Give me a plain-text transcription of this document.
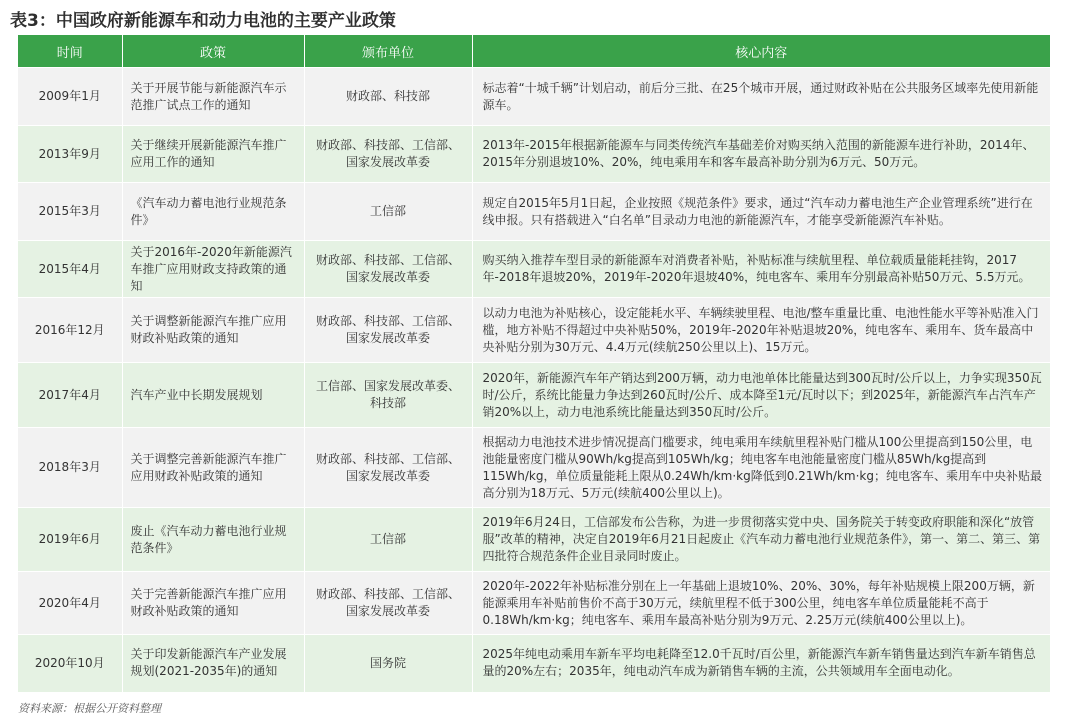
表3：中国政府新能源车和动力电池的主要产业政策
时间	政策	颁布单位	核心内容
2009年1月	关于开展节能与新能源汽车示范推广试点工作的通知	财政部、科技部	标志着“十城千辆”计划启动，前后分三批、在25个城市开展，通过财政补贴在公共服务区域率先使用新能源车。
2013年9月	关于继续开展新能源汽车推广应用工作的通知	财政部、科技部、工信部、国家发展改革委	2013年-2015年根据新能源车与同类传统汽车基础差价对购买纳入范围的新能源车进行补助，2014年、2015年分别退坡10%、20%，纯电乘用车和客车最高补助分别为6万元、50万元。
2015年3月	《汽车动力蓄电池行业规范条件》	工信部	规定自2015年5月1日起，企业按照《规范条件》要求，通过“汽车动力蓄电池生产企业管理系统”进行在线申报。只有搭载进入“白名单”目录动力电池的新能源汽车，才能享受新能源汽车补贴。
2015年4月	关于2016年-2020年新能源汽车推广应用财政支持政策的通知	财政部、科技部、工信部、国家发展改革委	购买纳入推荐车型目录的新能源车对消费者补贴，补贴标准与续航里程、单位载质量能耗挂钩，2017年-2018年退坡20%，2019年-2020年退坡40%，纯电客车、乘用车分别最高补贴50万元、5.5万元。
2016年12月	关于调整新能源汽车推广应用财政补贴政策的通知	财政部、科技部、工信部、国家发展改革委	以动力电池为补贴核心，设定能耗水平、车辆续驶里程、电池/整车重量比重、电池性能水平等补贴准入门槛，地方补贴不得超过中央补贴50%，2019年-2020年补贴退坡20%，纯电客车、乘用车、货车最高中央补贴分别为30万元、4.4万元(续航250公里以上)、15万元。
2017年4月	汽车产业中长期发展规划	工信部、国家发展改革委、科技部	2020年，新能源汽车年产销达到200万辆，动力电池单体比能量达到300瓦时/公斤以上，力争实现350瓦时/公斤，系统比能量力争达到260瓦时/公斤、成本降至1元/瓦时以下；到2025年，新能源汽车占汽车产销20%以上，动力电池系统比能量达到350瓦时/公斤。
2018年3月	关于调整完善新能源汽车推广应用财政补贴政策的通知	财政部、科技部、工信部、国家发展改革委	根据动力电池技术进步情况提高门槛要求，纯电乘用车续航里程补贴门槛从100公里提高到150公里，电池能量密度门槛从90Wh/kg提高到105Wh/kg；纯电客车电池能量密度门槛从85Wh/kg提高到115Wh/kg，单位质量能耗上限从0.24Wh/km·kg降低到0.21Wh/km·kg；纯电客车、乘用车中央补贴最高分别为18万元、5万元(续航400公里以上)。
2019年6月	废止《汽车动力蓄电池行业规范条件》	工信部	2019年6月24日，工信部发布公告称，为进一步贯彻落实党中央、国务院关于转变政府职能和深化“放管服”改革的精神，决定自2019年6月21日起废止《汽车动力蓄电池行业规范条件》，第一、第二、第三、第四批符合规范条件企业目录同时废止。
2020年4月	关于完善新能源汽车推广应用财政补贴政策的通知	财政部、科技部、工信部、国家发展改革委	2020年-2022年补贴标准分别在上一年基础上退坡10%、20%、30%，每年补贴规模上限200万辆，新能源乘用车补贴前售价不高于30万元，续航里程不低于300公里，纯电客车单位质量能耗不高于0.18Wh/km·kg；纯电客车、乘用车最高补贴分别为9万元、2.25万元(续航400公里以上)。
2020年10月	关于印发新能源汽车产业发展规划(2021-2035年)的通知	国务院	2025年纯电动乘用车新车平均电耗降至12.0千瓦时/百公里，新能源汽车新车销售量达到汽车新车销售总量的20%左右；2035年，纯电动汽车成为新销售车辆的主流，公共领域用车全面电动化。
资料来源：根据公开资料整理
